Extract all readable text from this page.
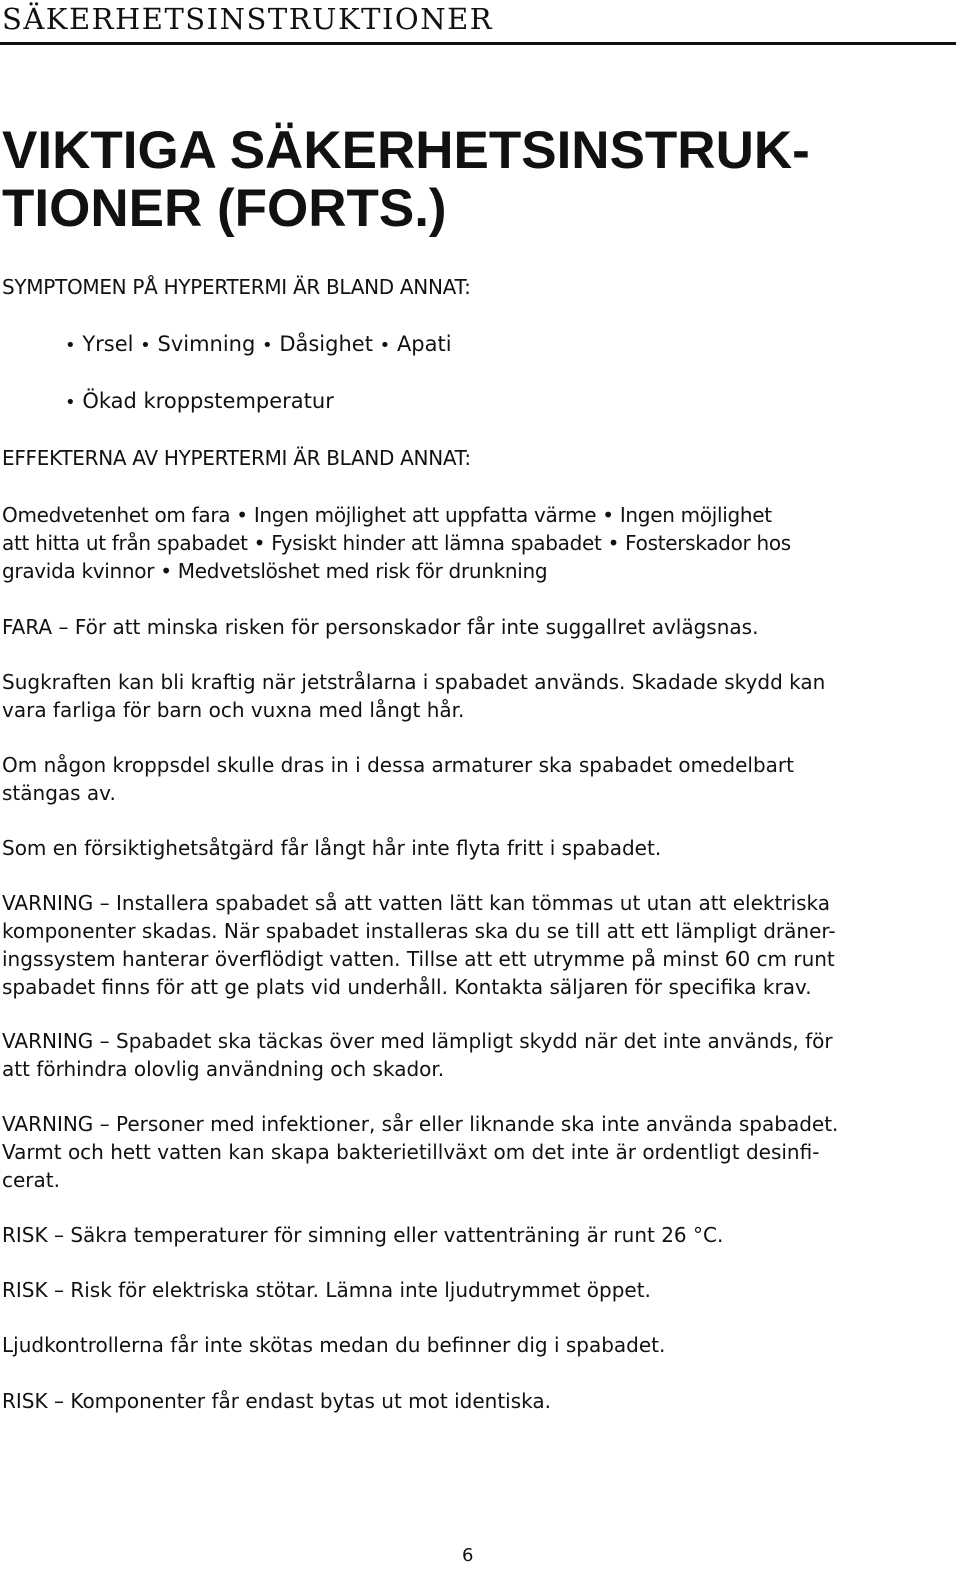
SÄKERHETSINSTRUKTIONER
VIKTIGA SÄKERHETSINSTRUK-
TIONER (FORTS.)

SYMPTOMEN PÅ HYPERTERMI ÄR BLAND ANNAT:

• Yrsel • Svimning • Dåsighet • Apati
• Ökad kroppstemperatur

EFFEKTERNA AV HYPERTERMI ÄR BLAND ANNAT:

Omedvetenhet om fara • Ingen möjlighet att uppfatta värme • Ingen möjlighet
att hitta ut från spabadet • Fysiskt hinder att lämna spabadet • Fosterskador hos
gravida kvinnor • Medvetslöshet med risk för drunkning
FARA – För att minska risken för personskador får inte suggallret avlägsnas.
Sugkraften kan bli kraftig när jetstrålarna i spabadet används. Skadade skydd kan
vara farliga för barn och vuxna med långt hår.
Om någon kroppsdel skulle dras in i dessa armaturer ska spabadet omedelbart
stängas av.
Som en försiktighetsåtgärd får långt hår inte flyta fritt i spabadet.
VARNING – Installera spabadet så att vatten lätt kan tömmas ut utan att elektriska
komponenter skadas. När spabadet installeras ska du se till att ett lämpligt dräner-
ingssystem hanterar överflödigt vatten. Tillse att ett utrymme på minst 60 cm runt
spabadet finns för att ge plats vid underhåll. Kontakta säljaren för specifika krav.
VARNING – Spabadet ska täckas över med lämpligt skydd när det inte används, för
att förhindra olovlig användning och skador.
VARNING – Personer med infektioner, sår eller liknande ska inte använda spabadet.
Varmt och hett vatten kan skapa bakterietillväxt om det inte är ordentligt desinfi-
cerat.
RISK – Säkra temperaturer för simning eller vattenträning är runt 26 °C.
RISK – Risk för elektriska stötar. Lämna inte ljudutrymmet öppet.
Ljudkontrollerna får inte skötas medan du befinner dig i spabadet.
RISK – Komponenter får endast bytas ut mot identiska.
6
